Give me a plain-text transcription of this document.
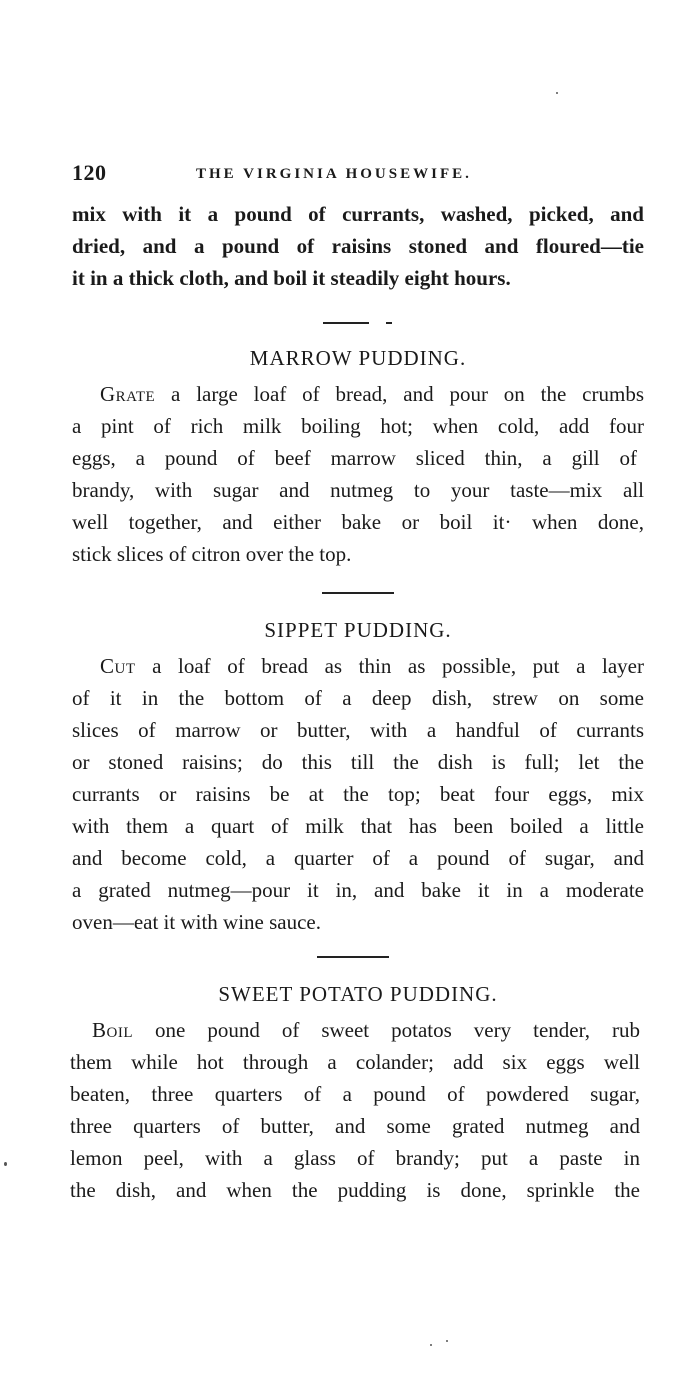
120	THE VIRGINIA HOUSEWIFE.
mix with it a pound of currants, washed, picked, and
dried, and a pound of raisins stoned and floured—tie
it in a thick cloth, and boil it steadily eight hours.
MARROW PUDDING.
Grate a large loaf of bread, and pour on the crumbs
a pint of rich milk boiling hot; when cold, add four
eggs, a pound of beef marrow sliced thin, a gill of
brandy, with sugar and nutmeg to your taste—mix all
well together, and either bake or boil it· when done,
stick slices of citron over the top.
SIPPET PUDDING.
Cut a loaf of bread as thin as possible, put a layer
of it in the bottom of a deep dish, strew on some
slices of marrow or butter, with a handful of currants
or stoned raisins; do this till the dish is full; let the
currants or raisins be at the top; beat four eggs, mix
with them a quart of milk that has been boiled a little
and become cold, a quarter of a pound of sugar, and
a grated nutmeg—pour it in, and bake it in a moderate
oven—eat it with wine sauce.
SWEET POTATO PUDDING.
Boil one pound of sweet potatos very tender, rub
them while hot through a colander; add six eggs well
beaten, three quarters of a pound of powdered sugar,
three quarters of butter, and some grated nutmeg and
lemon peel, with a glass of brandy; put a paste in
the dish, and when the pudding is done, sprinkle the
